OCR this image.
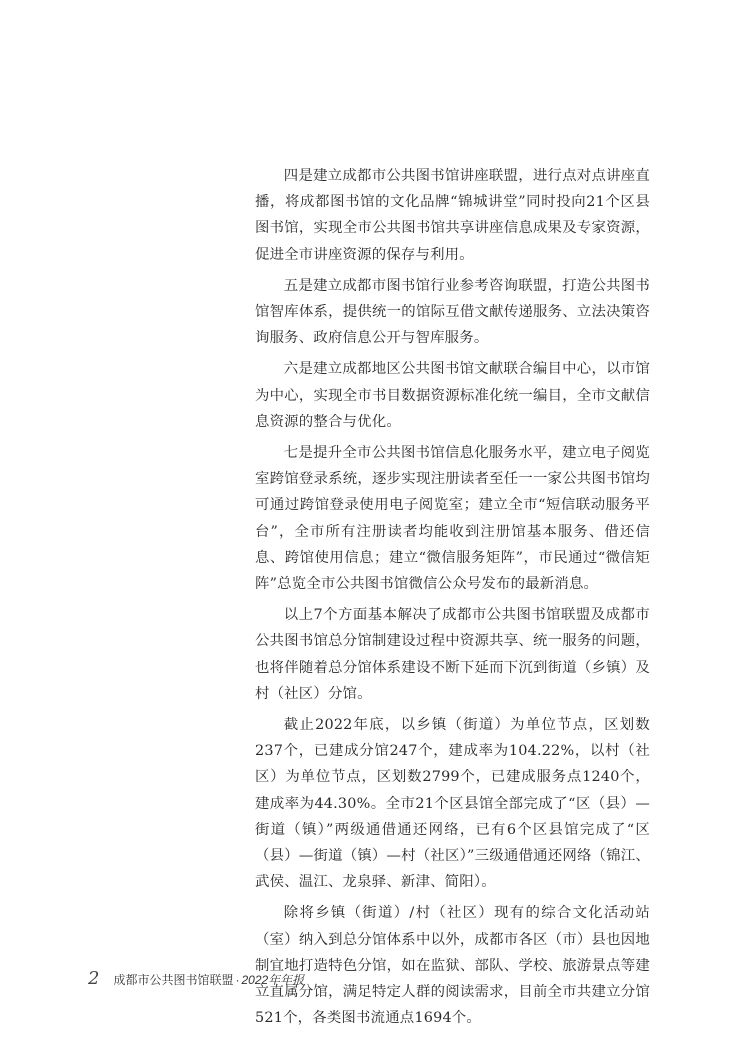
四是建立成都市公共图书馆讲座联盟，进行点对点讲座直播，将成都图书馆的文化品牌“锦城讲堂”同时投向21个区县图书馆，实现全市公共图书馆共享讲座信息成果及专家资源，促进全市讲座资源的保存与利用。

五是建立成都市图书馆行业参考咨询联盟，打造公共图书馆智库体系，提供统一的馆际互借文献传递服务、立法决策咨询服务、政府信息公开与智库服务。

六是建立成都地区公共图书馆文献联合编目中心，以市馆为中心，实现全市书目数据资源标准化统一编目，全市文献信息资源的整合与优化。

七是提升全市公共图书馆信息化服务水平，建立电子阅览室跨馆登录系统，逐步实现注册读者至任一一家公共图书馆均可通过跨馆登录使用电子阅览室；建立全市“短信联动服务平台”，全市所有注册读者均能收到注册馆基本服务、借还信息、跨馆使用信息；建立“微信服务矩阵”，市民通过“微信矩阵”总览全市公共图书馆微信公众号发布的最新消息。

以上7个方面基本解决了成都市公共图书馆联盟及成都市公共图书馆总分馆制建设过程中资源共享、统一服务的问题，也将伴随着总分馆体系建设不断下延而下沉到街道（乡镇）及村（社区）分馆。

截止2022年底，以乡镇（街道）为单位节点，区划数237个，已建成分馆247个，建成率为104.22%，以村（社区）为单位节点，区划数2799个，已建成服务点1240个，建成率为44.30%。全市21个区县馆全部完成了“区（县）—街道（镇）”两级通借通还网络，已有6个区县馆完成了“区（县）—街道（镇）—村（社区）”三级通借通还网络（锦江、武侯、温江、龙泉驿、新津、简阳）。

除将乡镇（街道）/村（社区）现有的综合文化活动站（室）纳入到总分馆体系中以外，成都市各区（市）县也因地制宜地打造特色分馆，如在监狱、部队、学校、旅游景点等建立直属分馆，满足特定人群的阅读需求，目前全市共建立分馆521个，各类图书流通点1694个。

2 成都市公共图书馆联盟 · 2022年年报
